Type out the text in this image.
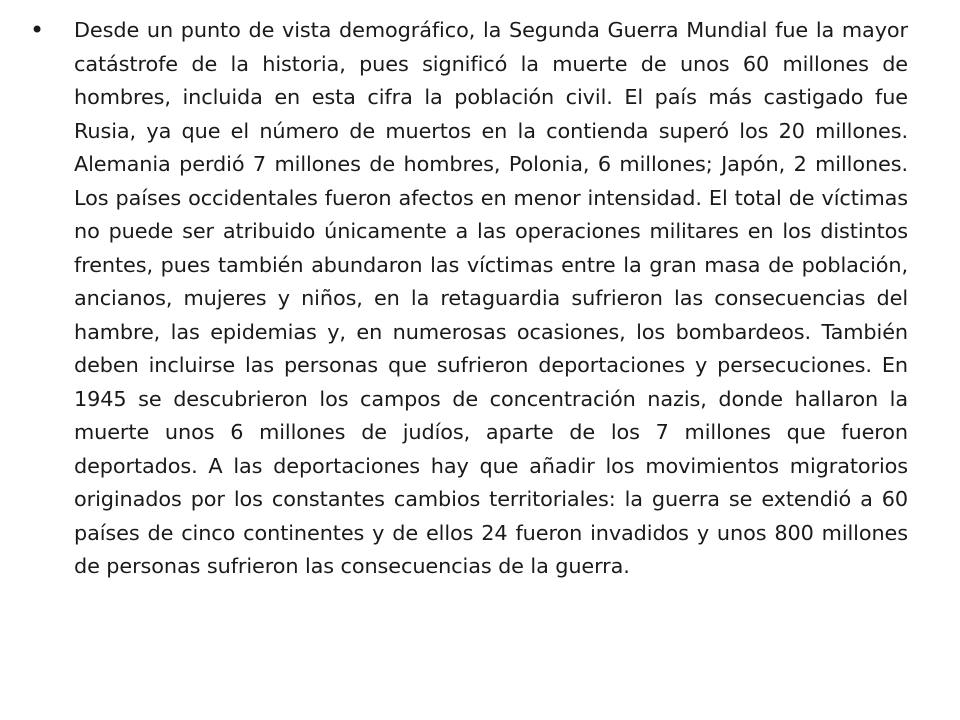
• Desde un punto de vista demográfico, la Segunda Guerra Mundial fue la mayor catástrofe de la historia, pues significó la muerte de unos 60 millones de hombres, incluida en esta cifra la población civil. El país más castigado fue Rusia, ya que el número de muertos en la contienda superó los 20 millones. Alemania perdió 7 millones de hombres, Polonia, 6 millones; Japón, 2 millones. Los países occidentales fueron afectos en menor intensidad. El total de víctimas no puede ser atribuido únicamente a las operaciones militares en los distintos frentes, pues también abundaron las víctimas entre la gran masa de población, ancianos, mujeres y niños, en la retaguardia sufrieron las consecuencias del hambre, las epidemias y, en numerosas ocasiones, los bombardeos. También deben incluirse las personas que sufrieron deportaciones y persecuciones. En 1945 se descubrieron los campos de concentración nazis, donde hallaron la muerte unos 6 millones de judíos, aparte de los 7 millones que fueron deportados. A las deportaciones hay que añadir los movimientos migratorios originados por los constantes cambios territoriales: la guerra se extendió a 60 países de cinco continentes y de ellos 24 fueron invadidos y unos 800 millones de personas sufrieron las consecuencias de la guerra.
